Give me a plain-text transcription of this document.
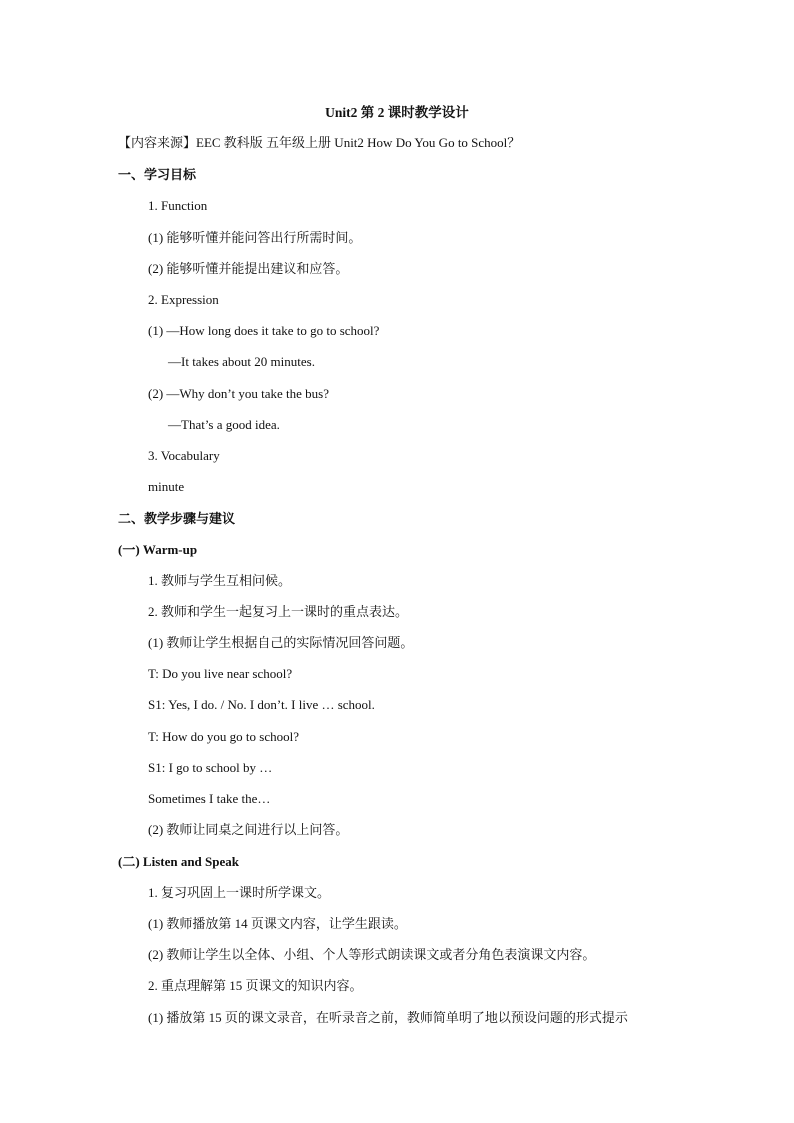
Unit2 第 2 课时教学设计
【内容来源】EEC 教科版 五年级上册 Unit2 How Do You Go to School？
一、学习目标
1. Function
(1) 能够听懂并能问答出行所需时间。
(2) 能够听懂并能提出建议和应答。
2. Expression
(1) —How long does it take to go to school?
—It takes about 20 minutes.
(2) —Why don’t you take the bus?
—That’s a good idea.
3. Vocabulary
minute
二、教学步骤与建议
(一) Warm-up
1. 教师与学生互相问候。
2. 教师和学生一起复习上一课时的重点表达。
(1) 教师让学生根据自己的实际情况回答问题。
T: Do you live near school?
S1: Yes, I do. / No. I don’t. I live … school.
T: How do you go to school?
S1: I go to school by …
Sometimes I take the…
(2) 教师让同桌之间进行以上问答。
(二) Listen and Speak
1. 复习巩固上一课时所学课文。
(1) 教师播放第 14 页课文内容，让学生跟读。
(2) 教师让学生以全体、小组、个人等形式朗读课文或者分角色表演课文内容。
2. 重点理解第 15 页课文的知识内容。
(1) 播放第 15 页的课文录音，在听录音之前，教师简单明了地以预设问题的形式提示
